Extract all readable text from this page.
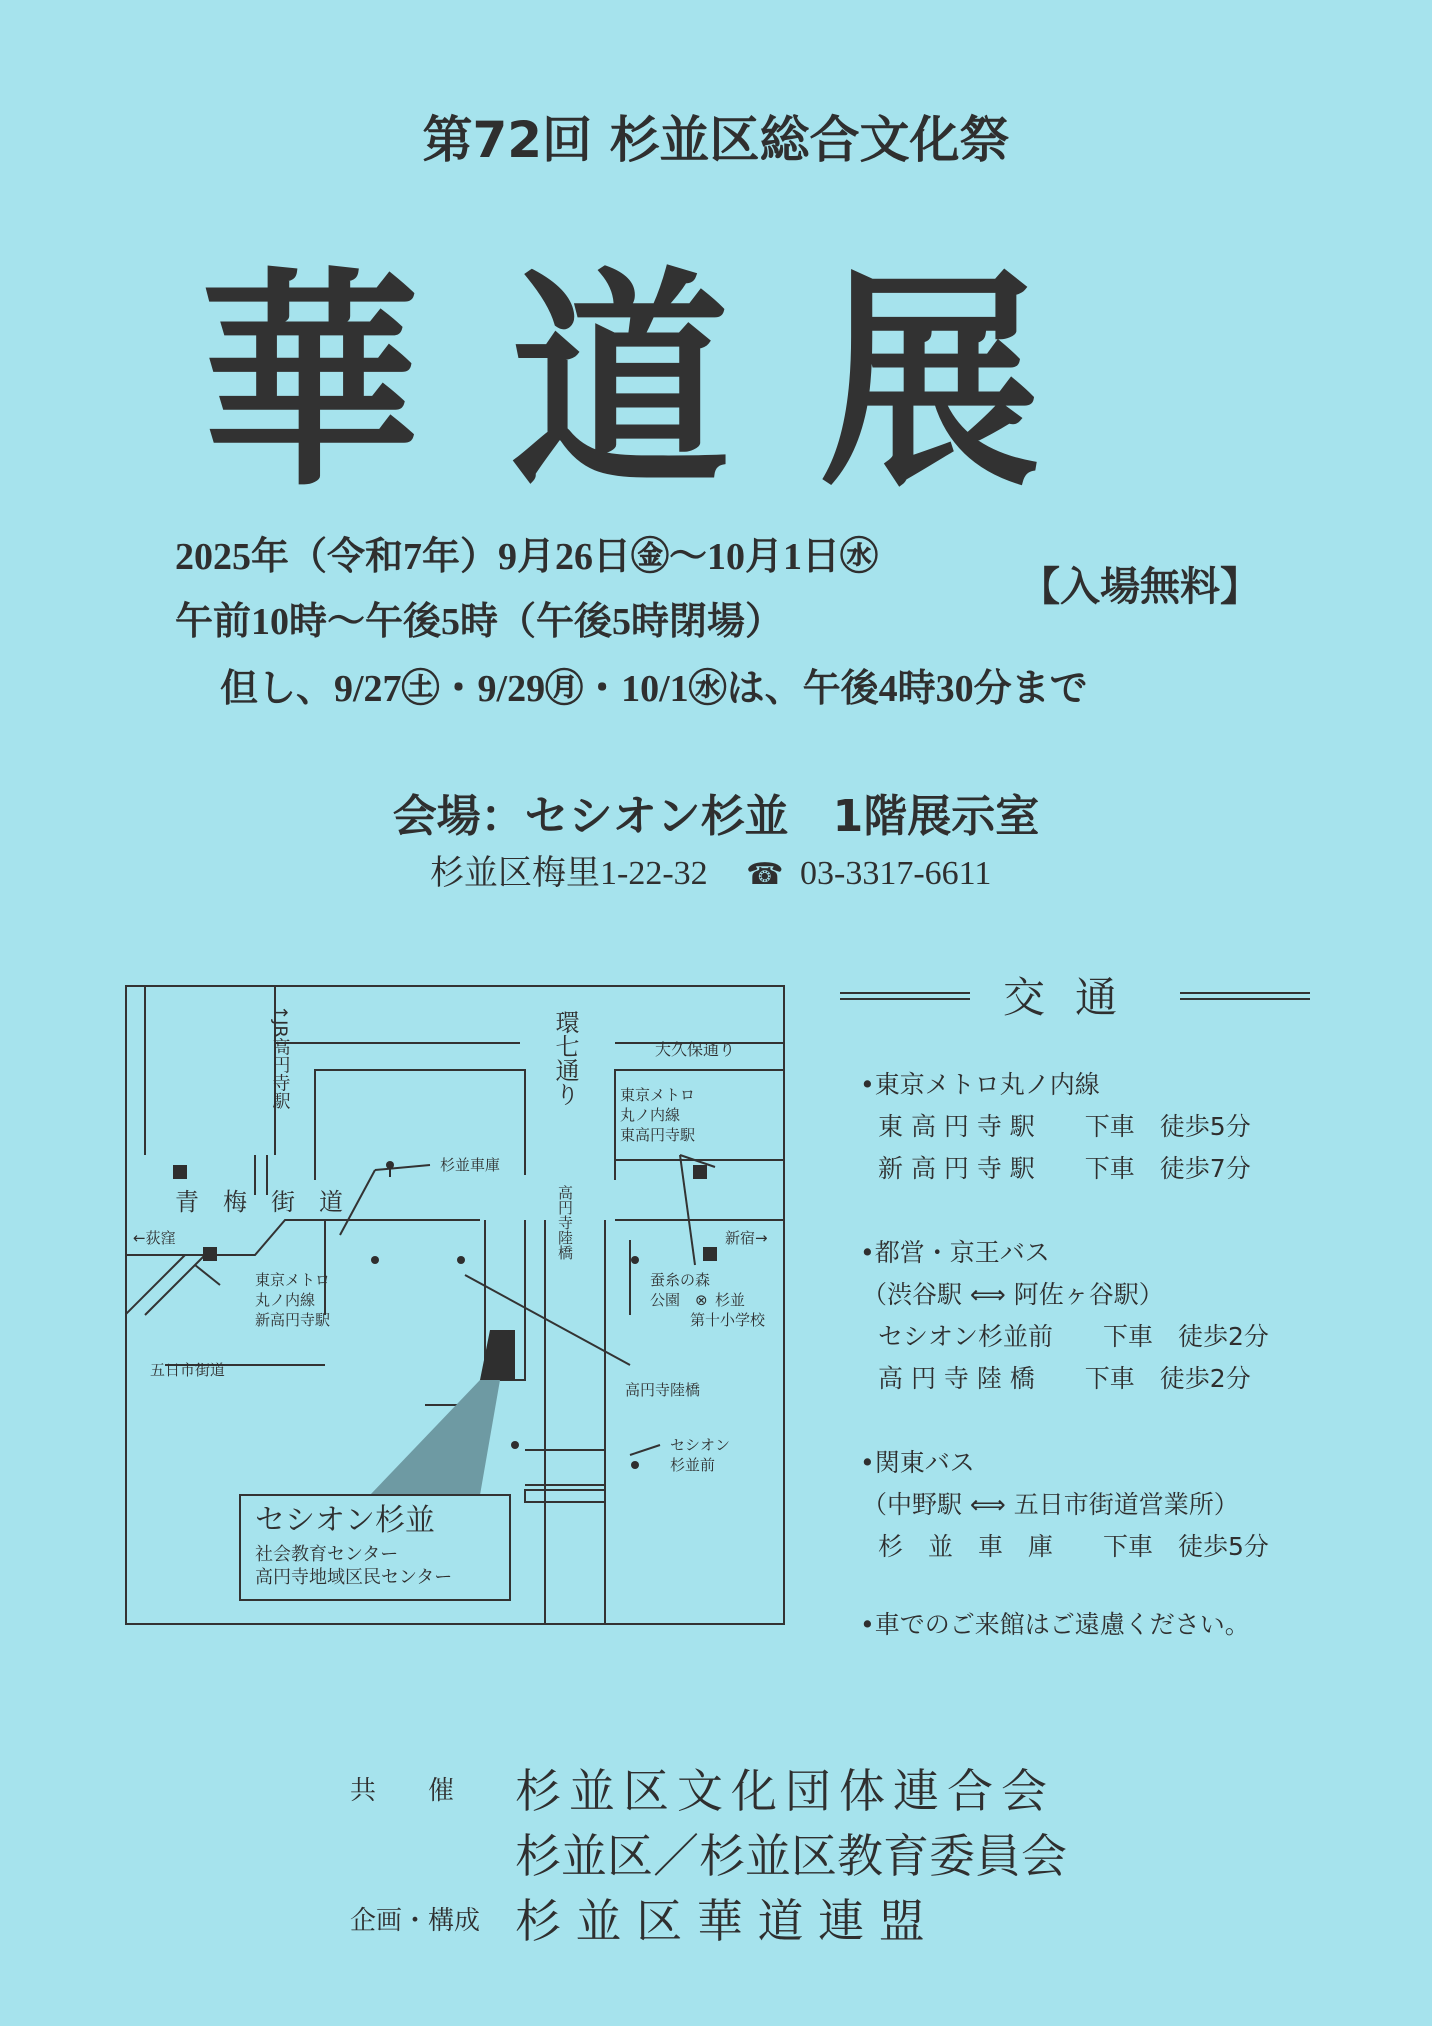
第72回 杉並区総合文化祭
華道展
2025年（令和7年）9月26日㊎～10月1日㊌
午前10時～午後5時（午後5時閉場）
但し、9/27㊏・9/29㊊・10/1㊌は、午後4時30分まで
【入場無料】
会場：セシオン杉並　1階展示室
杉並区梅里1-22-32 ☎ 03-3317-6611
↑JR高円寺駅	環七通り	大久保通り
東京メトロ
丸ノ内線
東高円寺駅
杉並車庫
青　梅　街　道
←荻窪	新宿→
高円寺陸橋
東京メトロ
丸ノ内線
新高円寺駅
蚕糸の森
公園 ⊗ 杉並
第十小学校
五日市街道
高円寺陸橋
セシオン
杉並前
セシオン杉並
社会教育センター
高円寺地域区民センター
交通
•東京メトロ丸ノ内線
東 高 円 寺 駅　　下車　徒歩5分
新 高 円 寺 駅　　下車　徒歩7分
•都営・京王バス
（渋谷駅 ⟺ 阿佐ヶ谷駅）
セシオン杉並前　　下車　徒歩2分
高 円 寺 陸 橋　　下車　徒歩2分
•関東バス
（中野駅 ⟺ 五日市街道営業所）
杉　並　車　庫　　下車　徒歩5分
•車でのご来館はご遠慮ください。
共　　催 杉並区文化団体連合会
杉並区／杉並区教育委員会
企画・構成 杉 並 区 華 道 連 盟
